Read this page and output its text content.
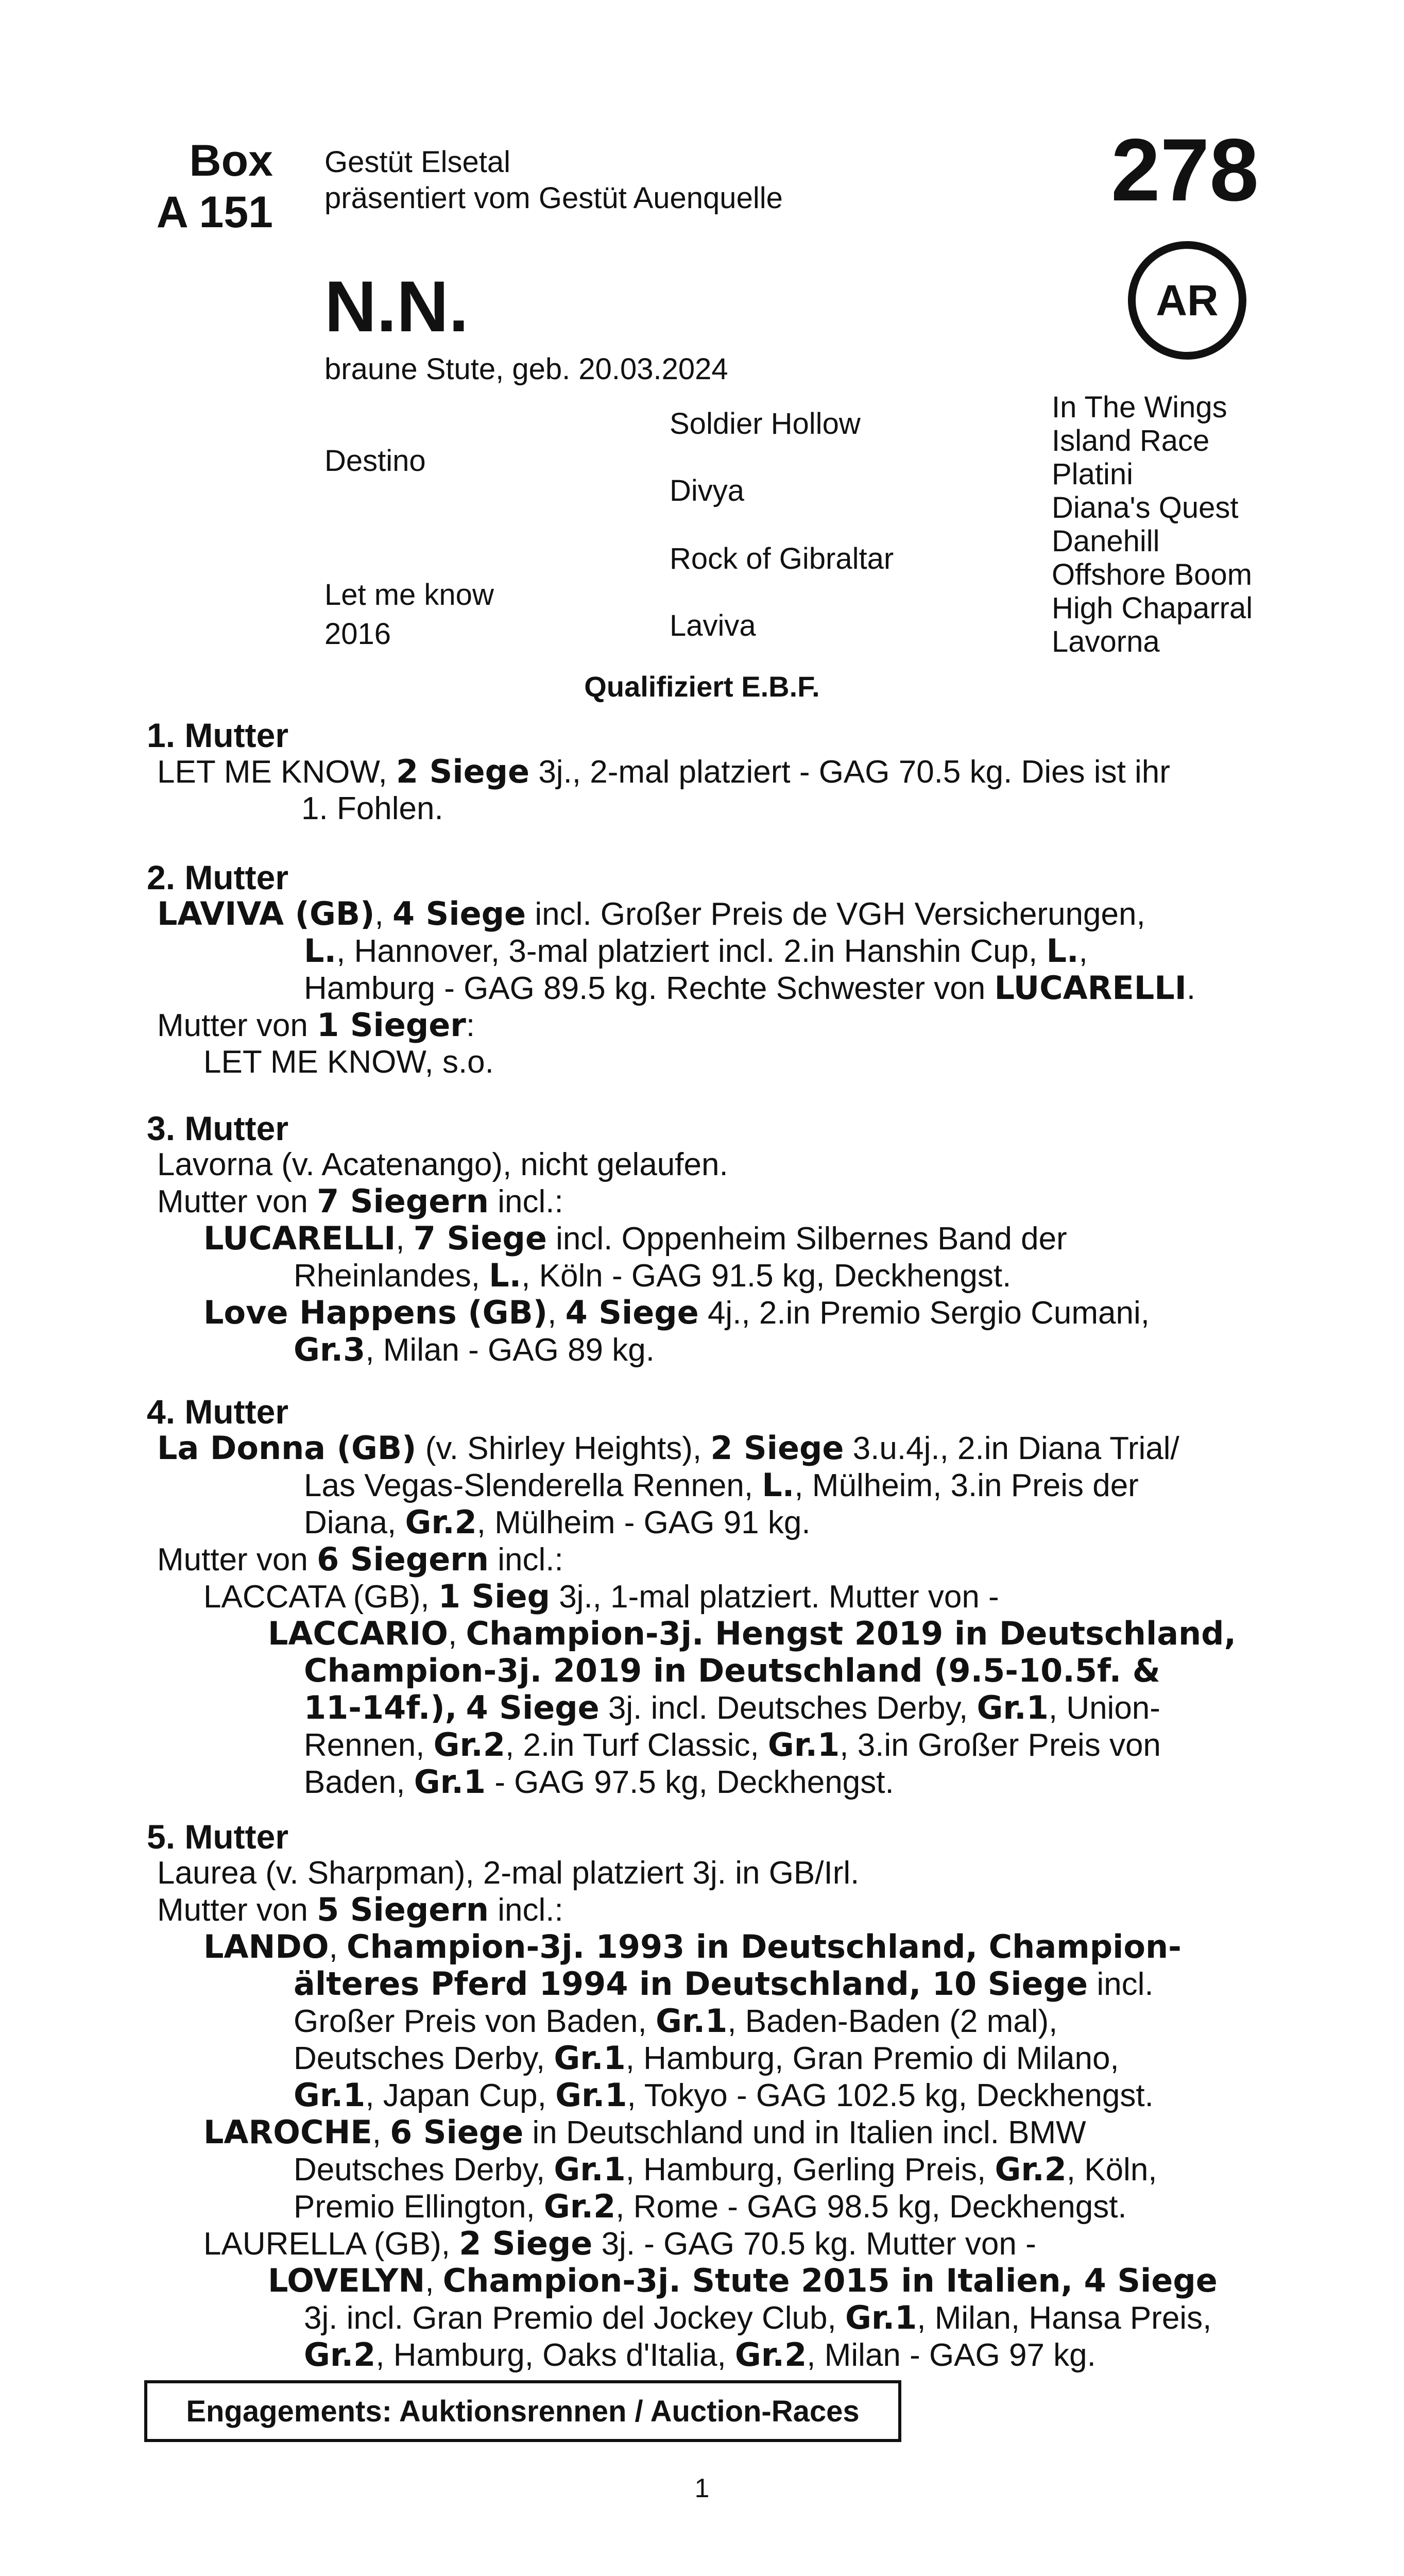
Box
A 151
Gestüt Elsetal
präsentiert vom Gestüt Auenquelle	278
AR
N.N.
braune Stute, geb. 20.03.2024
Destino
Let me know
2016
Soldier Hollow
Divya
Rock of Gibraltar
Laviva
In The Wings
Island Race
Platini
Diana's Quest
Danehill
Offshore Boom
High Chaparral
Lavorna
Qualifiziert E.B.F.

1. Mutter

LET ME KNOW, 2 Siege 3j., 2-mal platziert - GAG 70.5 kg. Dies ist ihr

1. Fohlen.

2. Mutter

LAVIVA (GB), 4 Siege incl. Großer Preis de VGH Versicherungen,

L., Hannover, 3-mal platziert incl. 2.in Hanshin Cup, L.,

Hamburg - GAG 89.5 kg. Rechte Schwester von LUCARELLI.

Mutter von 1 Sieger:

LET ME KNOW, s.o.

3. Mutter

Lavorna (v. Acatenango), nicht gelaufen.

Mutter von 7 Siegern incl.:

LUCARELLI, 7 Siege incl. Oppenheim Silbernes Band der

Rheinlandes, L., Köln - GAG 91.5 kg, Deckhengst.

Love Happens (GB), 4 Siege 4j., 2.in Premio Sergio Cumani,

Gr.3, Milan - GAG 89 kg.

4. Mutter

La Donna (GB) (v. Shirley Heights), 2 Siege 3.u.4j., 2.in Diana Trial/

Las Vegas-Slenderella Rennen, L., Mülheim, 3.in Preis der

Diana, Gr.2, Mülheim - GAG 91 kg.

Mutter von 6 Siegern incl.:

LACCATA (GB), 1 Sieg 3j., 1-mal platziert. Mutter von -

LACCARIO, Champion-3j. Hengst 2019 in Deutschland,

Champion-3j. 2019 in Deutschland (9.5-10.5f. &

11-14f.), 4 Siege 3j. incl. Deutsches Derby, Gr.1, Union-

Rennen, Gr.2, 2.in Turf Classic, Gr.1, 3.in Großer Preis von

Baden, Gr.1 - GAG 97.5 kg, Deckhengst.

5. Mutter

Laurea (v. Sharpman), 2-mal platziert 3j. in GB/Irl.

Mutter von 5 Siegern incl.:

LANDO, Champion-3j. 1993 in Deutschland, Champion-

älteres Pferd 1994 in Deutschland, 10 Siege incl.

Großer Preis von Baden, Gr.1, Baden-Baden (2 mal),

Deutsches Derby, Gr.1, Hamburg, Gran Premio di Milano,

Gr.1, Japan Cup, Gr.1, Tokyo - GAG 102.5 kg, Deckhengst.

LAROCHE, 6 Siege in Deutschland und in Italien incl. BMW

Deutsches Derby, Gr.1, Hamburg, Gerling Preis, Gr.2, Köln,

Premio Ellington, Gr.2, Rome - GAG 98.5 kg, Deckhengst.

LAURELLA (GB), 2 Siege 3j. - GAG 70.5 kg. Mutter von -

LOVELYN, Champion-3j. Stute 2015 in Italien, 4 Siege

3j. incl. Gran Premio del Jockey Club, Gr.1, Milan, Hansa Preis,

Gr.2, Hamburg, Oaks d'Italia, Gr.2, Milan - GAG 97 kg.

Engagements: Auktionsrennen / Auction-Races
1
